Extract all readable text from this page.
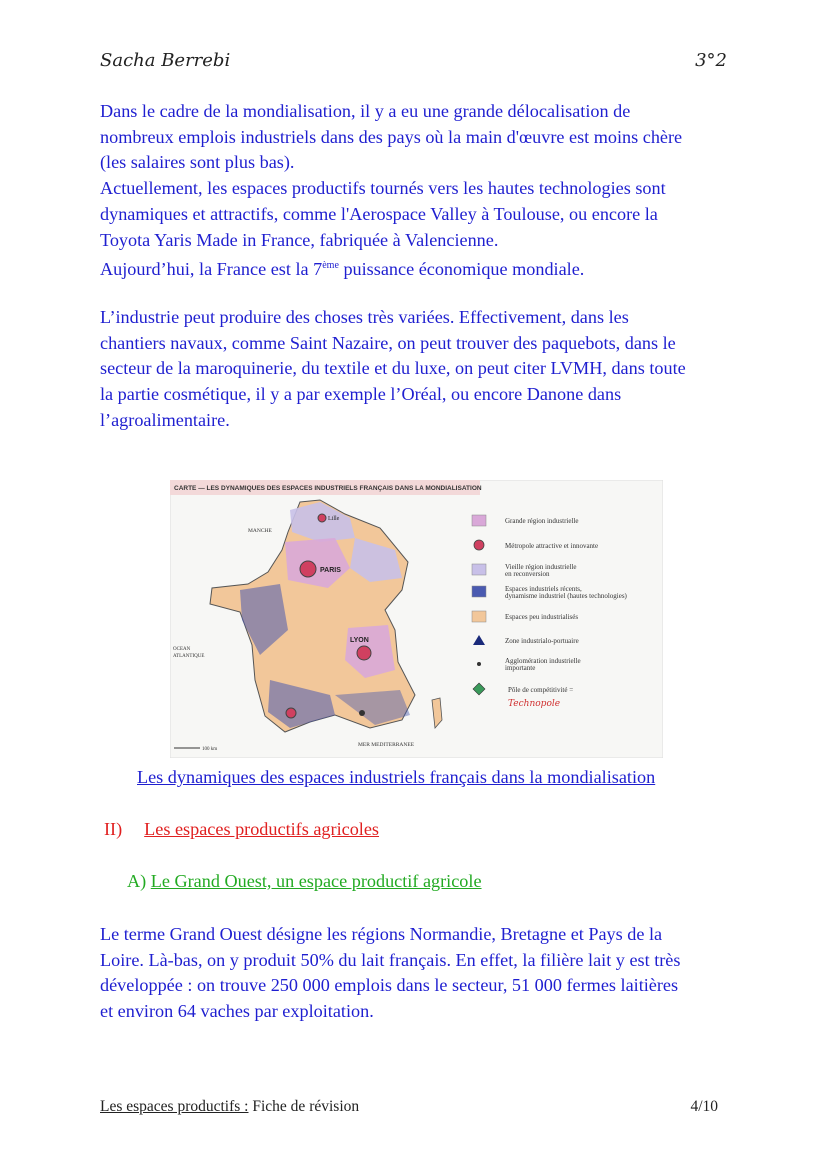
Sacha Berrebi	3°2

Dans le cadre de la mondialisation, il y a eu une grande délocalisation de

nombreux emplois industriels dans des pays où la main d'œuvre est moins chère

(les salaires sont plus bas).

Actuellement, les espaces productifs tournés vers les hautes technologies sont

dynamiques et attractifs, comme l'Aerospace Valley à Toulouse, ou encore la

Toyota Yaris Made in France, fabriquée à Valencienne.

Aujourd’hui, la France est la 7ème puissance économique mondiale.

L’industrie peut produire des choses très variées. Effectivement, dans les

chantiers navaux, comme Saint Nazaire, on peut trouver des paquebots, dans le

secteur de la maroquinerie, du textile et du luxe, on peut citer LVMH, dans toute

la partie cosmétique, il y a par exemple l’Oréal, ou encore Danone dans

l’agroalimentaire.

CARTE — LES DYNAMIQUES DES ESPACES INDUSTRIELS FRANÇAIS DANS LA MONDIALISATION
Lille
PARIS
LYON
MANCHE
OCEAN
ATLANTIQUE
MER MEDITERRANEE
100 km
Grande région industrielle
Métropole attractive et innovante
Vieille région industrielle
en reconversion
Espaces industriels récents,
dynamisme industriel (hautes technologies)
Espaces peu industrialisés
Zone industrialo-portuaire
Agglomération industrielle
importante
Pôle de compétitivité =
Technopole
Les dynamiques des espaces industriels français dans la mondialisation
II) Les espaces productifs agricoles
A) Le Grand Ouest, un espace productif agricole

Le terme Grand Ouest désigne les régions Normandie, Bretagne et Pays de la

Loire. Là-bas, on y produit 50% du lait français. En effet, la filière lait y est très

développée : on trouve 250 000 emplois dans le secteur, 51 000 fermes laitières

et environ 64 vaches par exploitation.

Les espaces productifs : Fiche de révision	4/10
